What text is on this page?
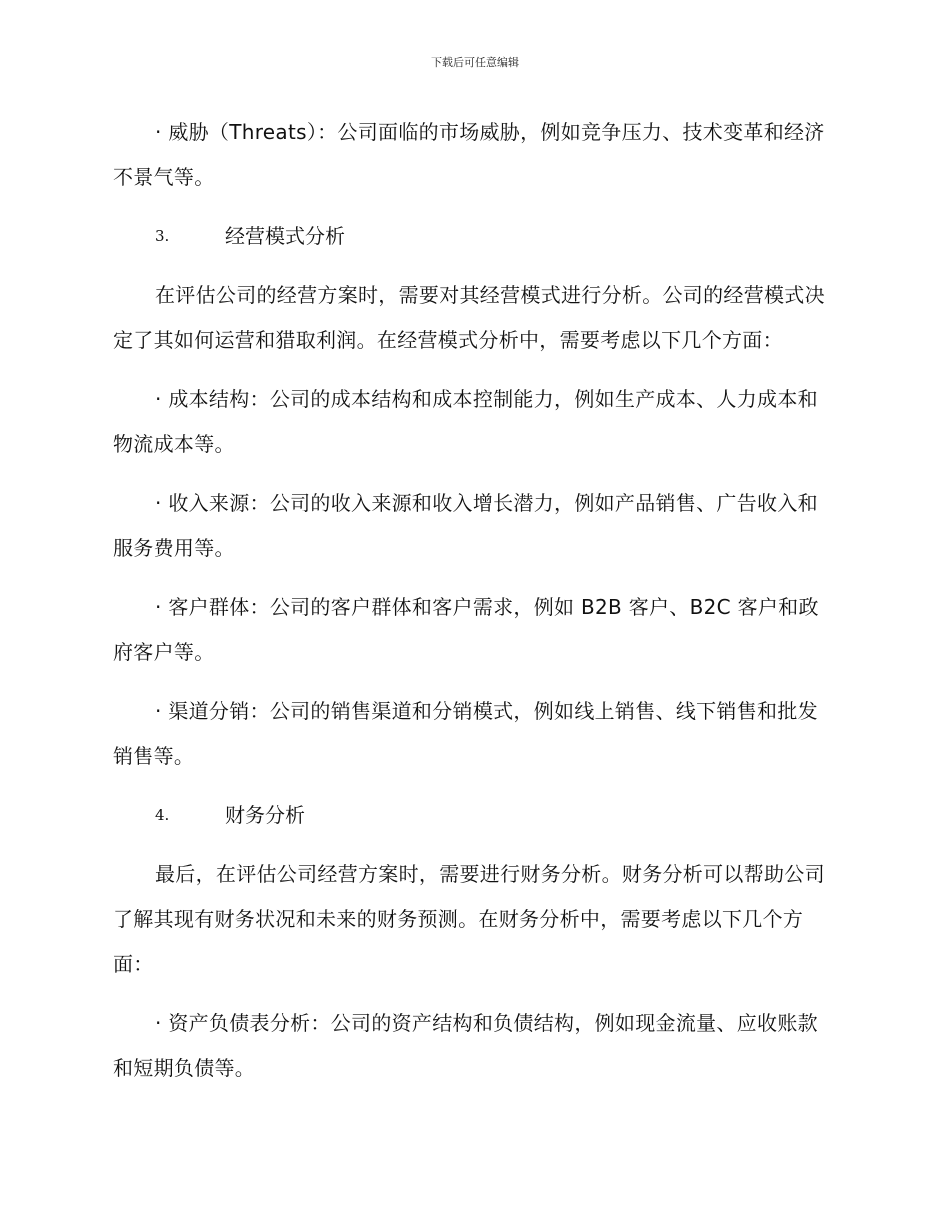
下载后可任意编辑

· 威胁（Threats）：公司面临的市场威胁，例如竞争压力、技术变革和经济不景气等。

3.	经营模式分析

在评估公司的经营方案时，需要对其经营模式进行分析。公司的经营模式决定了其如何运营和猎取利润。在经营模式分析中，需要考虑以下几个方面：

· 成本结构：公司的成本结构和成本控制能力，例如生产成本、人力成本和物流成本等。

· 收入来源：公司的收入来源和收入增长潜力，例如产品销售、广告收入和服务费用等。

· 客户群体：公司的客户群体和客户需求，例如 B2B 客户、B2C 客户和政府客户等。

· 渠道分销：公司的销售渠道和分销模式，例如线上销售、线下销售和批发销售等。

4.	财务分析

最后，在评估公司经营方案时，需要进行财务分析。财务分析可以帮助公司了解其现有财务状况和未来的财务预测。在财务分析中，需要考虑以下几个方面：

· 资产负债表分析：公司的资产结构和负债结构，例如现金流量、应收账款和短期负债等。
